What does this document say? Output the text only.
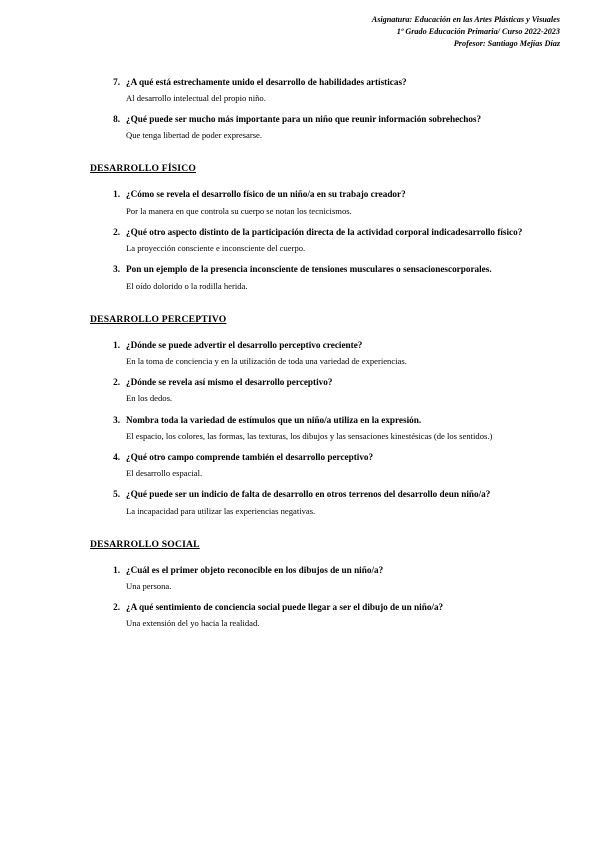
Asignatura: Educación en las Artes Plásticas y Visuales
1º Grado Educación Primaria/ Curso 2022-2023
Profesor: Santiago Mejías Díaz
7. ¿A qué está estrechamente unido el desarrollo de habilidades artísticas?

Al desarrollo intelectual del propio niño.

8. ¿Qué puede ser mucho más importante para un niño que reunir información sobrehechos?

Que tenga libertad de poder expresarse.

DESARROLLO FÍSICO
1. ¿Cómo se revela el desarrollo físico de un niño/a en su trabajo creador?

Por la manera en que controla su cuerpo se notan los tecnicismos.

2. ¿Qué otro aspecto distinto de la participación directa de la actividad corporal indicadesarrollo físico?

La proyección consciente e inconsciente del cuerpo.

3. Pon un ejemplo de la presencia inconsciente de tensiones musculares o sensacionescorporales.

El oído dolorido o la rodilla herida.

DESARROLLO PERCEPTIVO
1. ¿Dónde se puede advertir el desarrollo perceptivo creciente?

En la toma de conciencia y en la utilización de toda una variedad de experiencias.

2. ¿Dónde se revela así mismo el desarrollo perceptivo?

En los dedos.

3. Nombra toda la variedad de estímulos que un niño/a utiliza en la expresión.

El espacio, los colores, las formas, las texturas, los dibujos y las sensaciones kinestésicas (de los sentidos.)

4. ¿Qué otro campo comprende también el desarrollo perceptivo?

El desarrollo espacial.

5. ¿Qué puede ser un indicio de falta de desarrollo en otros terrenos del desarrollo deun niño/a?

La incapacidad para utilizar las experiencias negativas.

DESARROLLO SOCIAL
1. ¿Cuál es el primer objeto reconocible en los dibujos de un niño/a?

Una persona.

2. ¿A qué sentimiento de conciencia social puede llegar a ser el dibujo de un niño/a?

Una extensión del yo hacia la realidad.
